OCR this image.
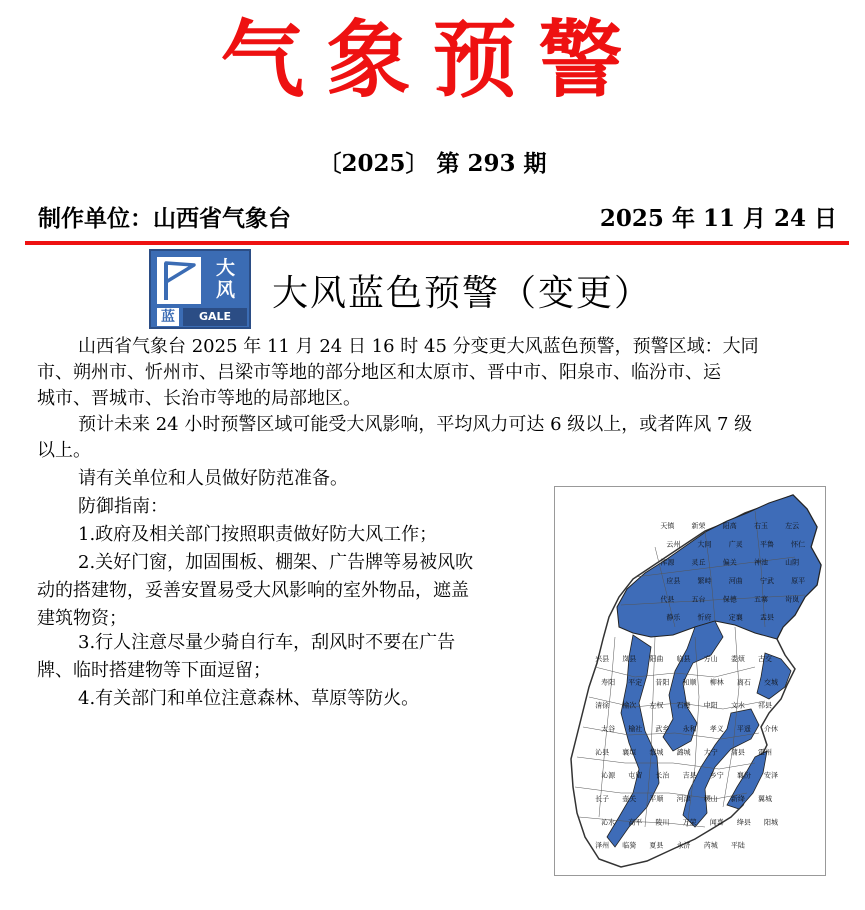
气象预警
〔2025〕 第 293 期
制作单位：山西省气象台	2025 年 11 月 24 日
大
风
蓝	GALE
大风蓝色预警（变更）
山西省气象台 2025 年 11 月 24 日 16 时 45 分变更大风蓝色预警，预警区域：大同
市、朔州市、忻州市、吕梁市等地的部分地区和太原市、晋中市、阳泉市、临汾市、运
城市、晋城市、长治市等地的局部地区。
预计未来 24 小时预警区域可能受大风影响，平均风力可达 6 级以上，或者阵风 7 级
以上。
请有关单位和人员做好防范准备。
防御指南：
1.政府及相关部门按照职责做好防大风工作；
2.关好门窗，加固围板、棚架、广告牌等易被风吹
动的搭建物，妥善安置易受大风影响的室外物品，遮盖
建筑物资；
3.行人注意尽量少骑自行车，刮风时不要在广告
牌、临时搭建物等下面逗留；
4.有关部门和单位注意森林、草原等防火。
天镇 新荣 阳高 右玉 左云
云州 大同 广灵 平鲁 怀仁
浑源 灵丘 偏关 神池 山阴
应县 繁峙 河曲 宁武 原平
代县 五台 保德 五寨 岢岚
静乐 忻府 定襄 盂县
兴县 岚县 阳曲 临县 方山 娄烦 古交
寿阳 平定 昔阳 和顺 柳林 离石 交城
清徐 榆次 左权 石楼 中阳 文水 祁县
太谷 榆社 武乡 永和 孝义 平遥 介休
沁县 襄垣 黎城 潞城 大宁 蒲县 霍州
沁源 屯留 长治 吉县 乡宁 襄汾 安泽
长子 壶关 平顺 河津 稷山 新绛 翼城
沁水 高平 陵川 万荣 闻喜 绛县 阳城
泽州 临猗 夏县 永济 芮城 平陆
